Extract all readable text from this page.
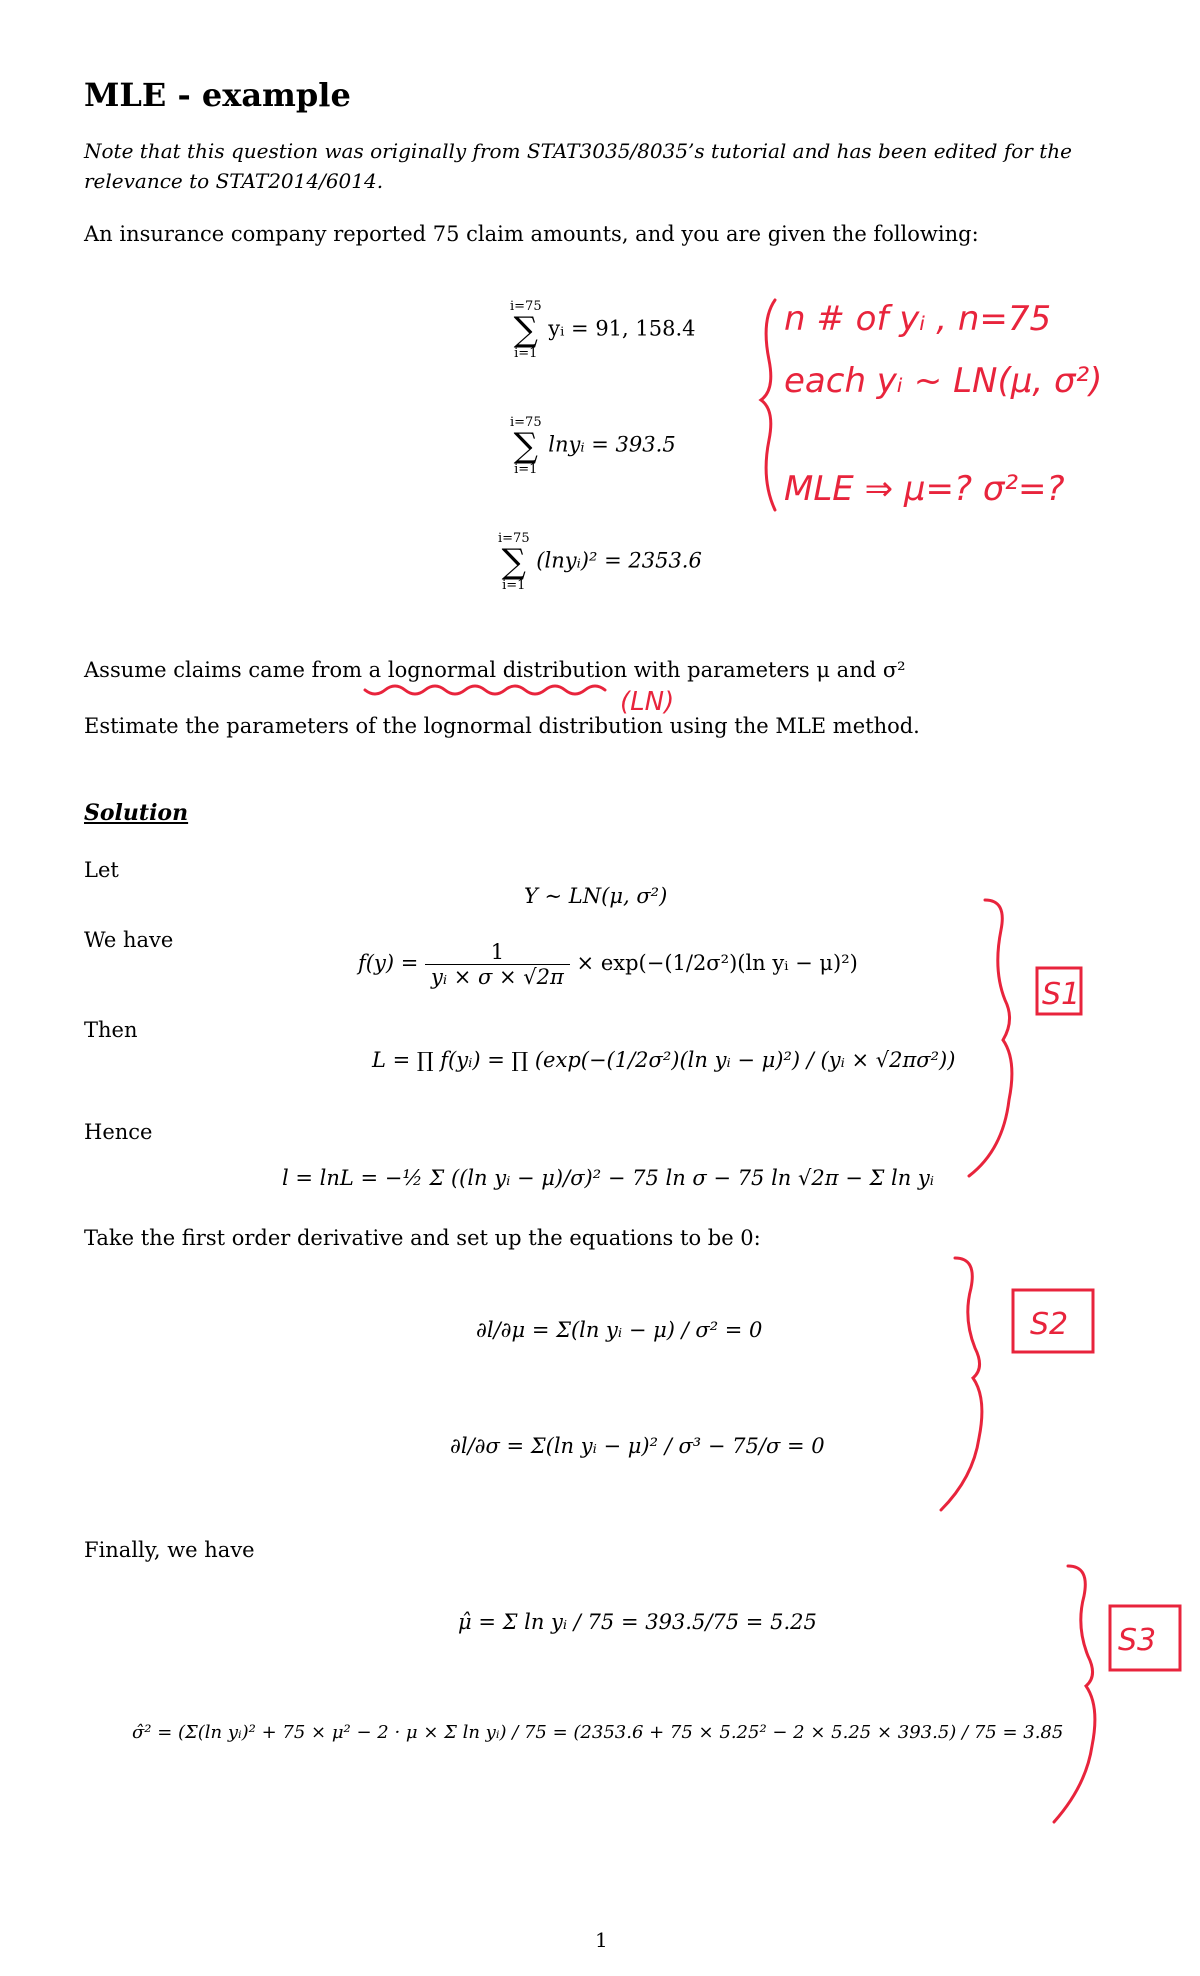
MLE - example
Note that this question was originally from STAT3035/8035’s tutorial and has been edited for the relevance to STAT2014/6014.
An insurance company reported 75 claim amounts, and you are given the following:
i=75
∑
i=1
yᵢ = 91, 158.4
i=75
∑
i=1
lnyᵢ = 393.5
i=75
∑
i=1
(lnyᵢ)² = 2353.6
Assume claims came from a lognormal distribution with parameters μ and σ²
Estimate the parameters of the lognormal distribution using the MLE method.
Solution
Let
Y ∼ LN(μ, σ²)
We have
$f(y) = \frac{1}{\text{yᵢ × σ × √2π}} \times \exp(-(1/2\sigma^2)(\ln$ yᵢ − μ)²)
Then
L = ∏ f(yᵢ) = ∏ (exp(−(1/2σ²)(ln yᵢ − μ)²) / (yᵢ × √2πσ²))
Hence
l = lnL = −½ Σ ((ln yᵢ − μ)/σ)² − 75 ln σ − 75 ln √2π − Σ ln yᵢ
Take the first order derivative and set up the equations to be 0:
∂l/∂μ = Σ(ln yᵢ − μ) / σ² = 0
∂l/∂σ = Σ(ln yᵢ − μ)² / σ³ − 75/σ = 0
Finally, we have
μ̂ = Σ ln yᵢ / 75 = 393.5/75 = 5.25
σ̂² = (Σ(ln yᵢ)² + 75 × μ² − 2 · μ × Σ ln yᵢ) / 75 = (2353.6 + 75 × 5.25² − 2 × 5.25 × 393.5) / 75 = 3.85
1
n # of yᵢ , n=75
each yᵢ ~ LN(μ, σ²)
MLE ⇒ μ=? σ²=?
(LN)
S1
S2
S3
